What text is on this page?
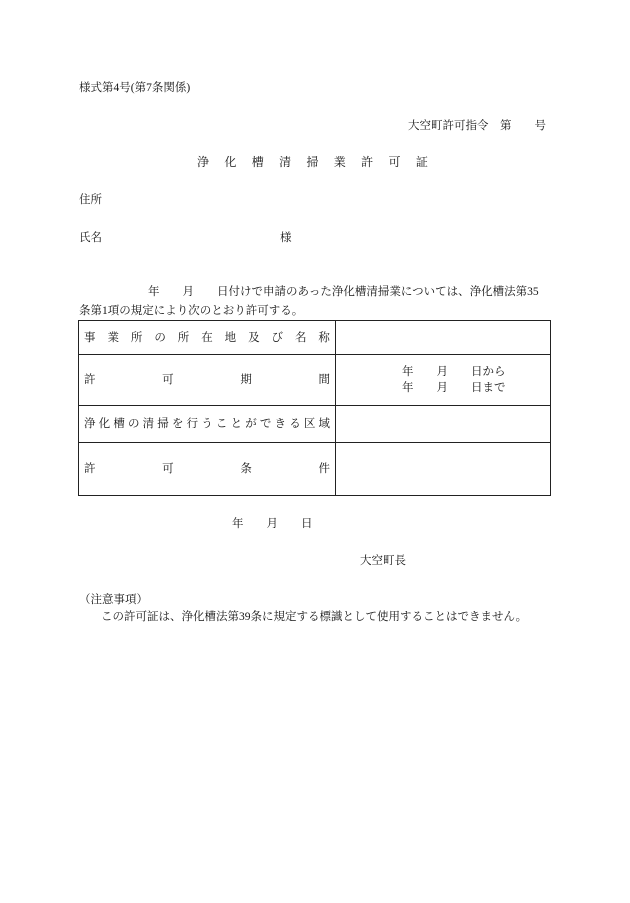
様式第4号(第7条関係)
大空町許可指令　第　　号
浄 化 槽 清 掃 業 許 可 証
住所
氏名	様
年　　月　　日付けで申請のあった浄化槽清掃業については、浄化槽法第35
条第1項の規定により次のとおり許可する。
事 業 所 の 所 在 地 及 び 名 称
許	可	期	間
年　　月　　日から
年　　月　　日まで
浄 化 槽 の 清 掃 を 行 う こ と が で き る 区 域
許	可	条	件
年　　月　　日
大空町長
（注意事項）
この許可証は、浄化槽法第39条に規定する標識として使用することはできません。
